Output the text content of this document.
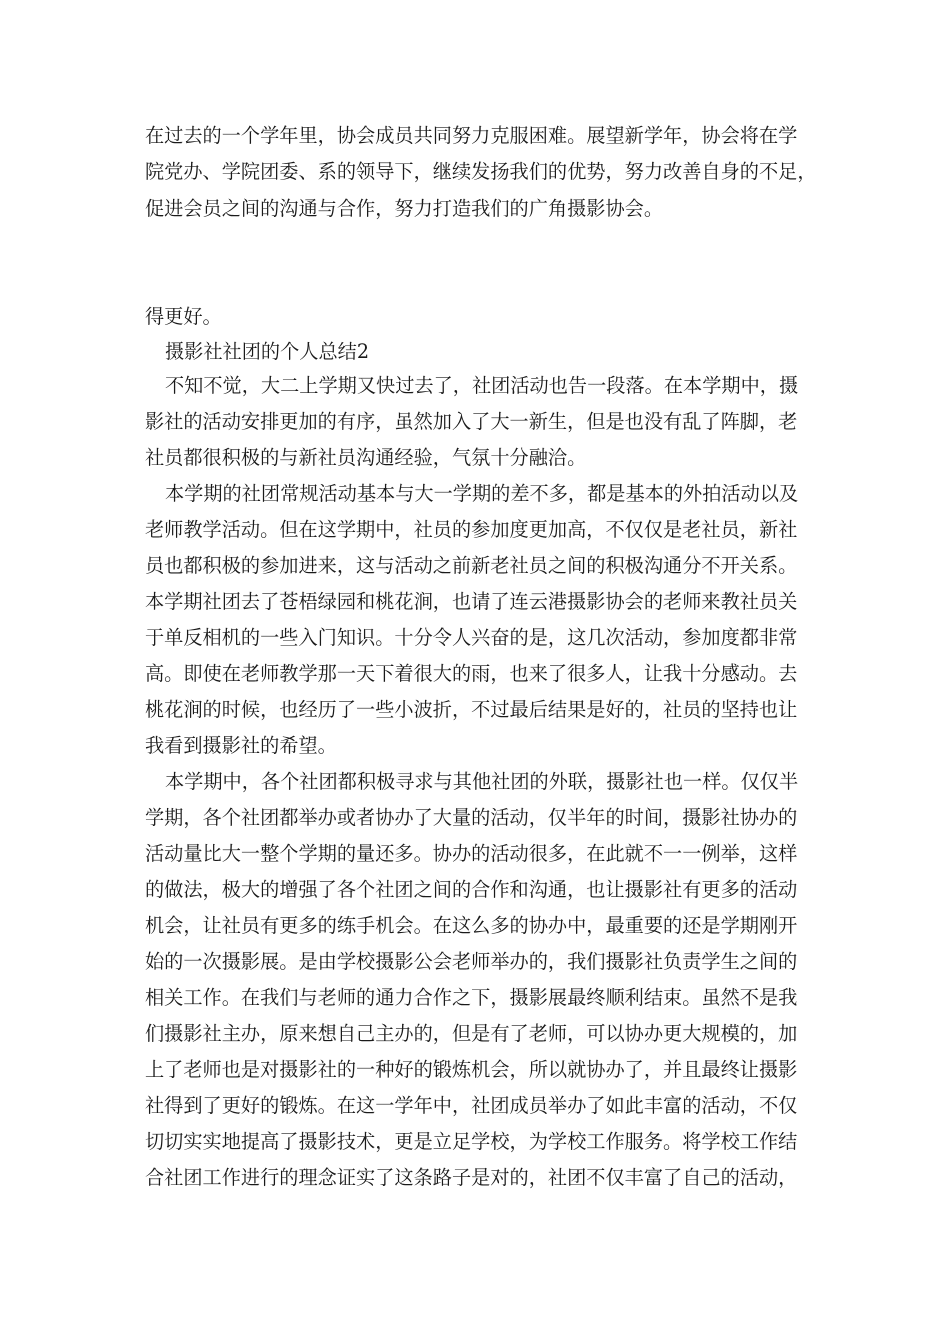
在过去的一个学年里，协会成员共同努力克服困难。展望新学年，协会将在学
院党办、学院团委、系的领导下，继续发扬我们的优势，努力改善自身的不足，
促进会员之间的沟通与合作，努力打造我们的广角摄影协会。
得更好。
摄影社社团的个人总结2
不知不觉，大二上学期又快过去了，社团活动也告一段落。在本学期中，摄
影社的活动安排更加的有序，虽然加入了大一新生，但是也没有乱了阵脚，老
社员都很积极的与新社员沟通经验，气氛十分融洽。
本学期的社团常规活动基本与大一学期的差不多，都是基本的外拍活动以及
老师教学活动。但在这学期中，社员的参加度更加高，不仅仅是老社员，新社
员也都积极的参加进来，这与活动之前新老社员之间的积极沟通分不开关系。
本学期社团去了苍梧绿园和桃花涧，也请了连云港摄影协会的老师来教社员关
于单反相机的一些入门知识。十分令人兴奋的是，这几次活动，参加度都非常
高。即使在老师教学那一天下着很大的雨，也来了很多人，让我十分感动。去
桃花涧的时候，也经历了一些小波折，不过最后结果是好的，社员的坚持也让
我看到摄影社的希望。
本学期中，各个社团都积极寻求与其他社团的外联，摄影社也一样。仅仅半
学期，各个社团都举办或者协办了大量的活动，仅半年的时间，摄影社协办的
活动量比大一整个学期的量还多。协办的活动很多，在此就不一一例举，这样
的做法，极大的增强了各个社团之间的合作和沟通，也让摄影社有更多的活动
机会，让社员有更多的练手机会。在这么多的协办中，最重要的还是学期刚开
始的一次摄影展。是由学校摄影公会老师举办的，我们摄影社负责学生之间的
相关工作。在我们与老师的通力合作之下，摄影展最终顺利结束。虽然不是我
们摄影社主办，原来想自己主办的，但是有了老师，可以协办更大规模的，加
上了老师也是对摄影社的一种好的锻炼机会，所以就协办了，并且最终让摄影
社得到了更好的锻炼。在这一学年中，社团成员举办了如此丰富的活动，不仅
切切实实地提高了摄影技术，更是立足学校，为学校工作服务。将学校工作结
合社团工作进行的理念证实了这条路子是对的，社团不仅丰富了自己的活动，
